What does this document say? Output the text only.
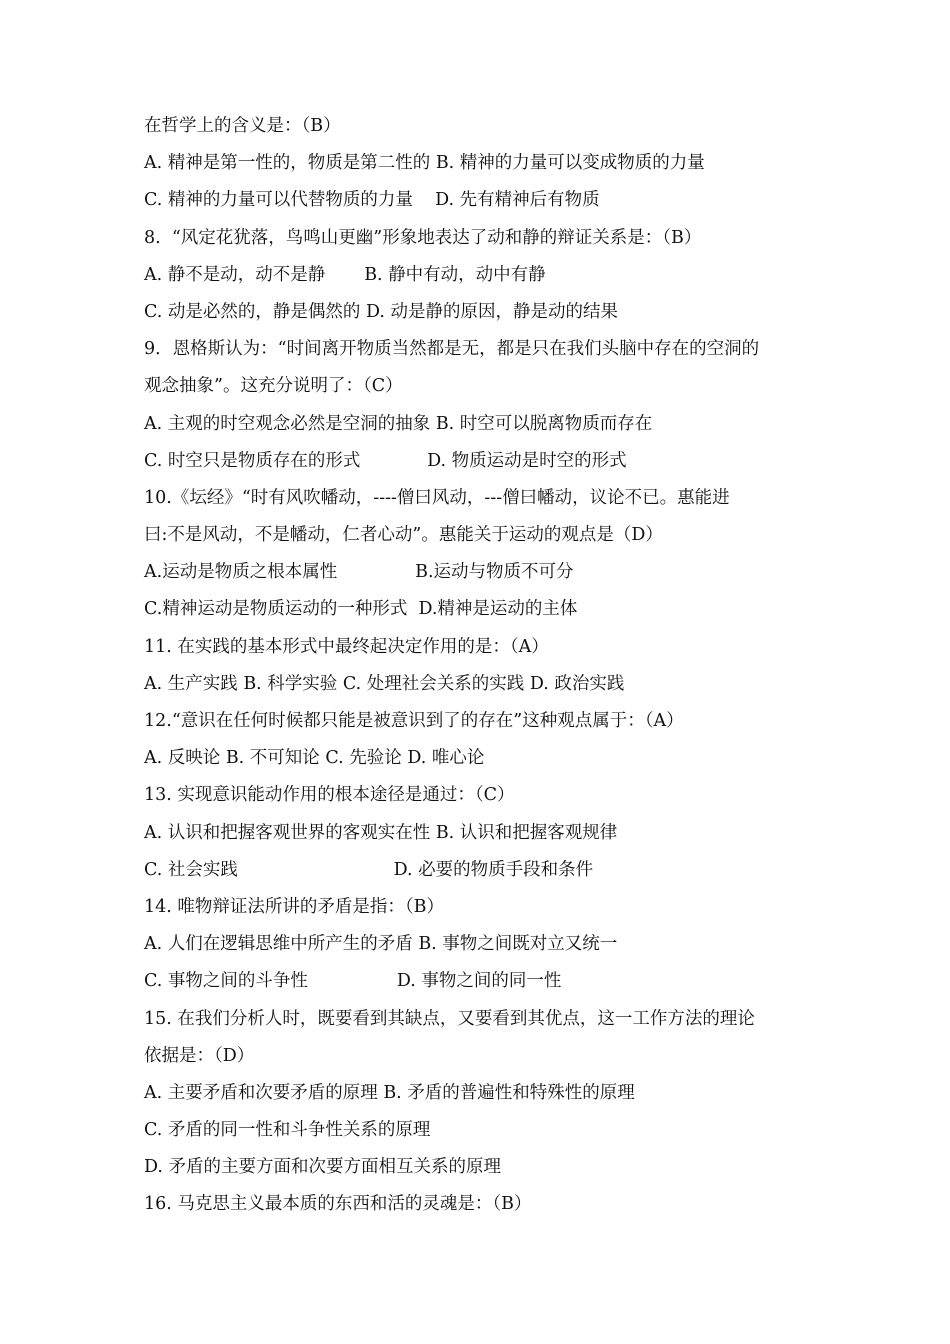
在哲学上的含义是：（B）
A. 精神是第一性的，物质是第二性的 B. 精神的力量可以变成物质的力量
C. 精神的力量可以代替物质的力量    D. 先有精神后有物质
8.  “风定花犹落，鸟鸣山更幽”形象地表达了动和静的辩证关系是：（B）
A. 静不是动，动不是静       B. 静中有动，动中有静
C. 动是必然的，静是偶然的 D. 动是静的原因，静是动的结果
9．恩格斯认为：“时间离开物质当然都是无，都是只在我们头脑中存在的空洞的
观念抽象”。这充分说明了：（C）
A. 主观的时空观念必然是空洞的抽象 B. 时空可以脱离物质而存在
C. 时空只是物质存在的形式            D. 物质运动是时空的形式
10.《坛经》“时有风吹幡动，----僧曰风动，---僧曰幡动，议论不已。惠能进
曰:不是风动，不是幡动，仁者心动”。惠能关于运动的观点是（D）
A.运动是物质之根本属性              B.运动与物质不可分
C.精神运动是物质运动的一种形式  D.精神是运动的主体
11. 在实践的基本形式中最终起决定作用的是：（A）
A. 生产实践 B. 科学实验 C. 处理社会关系的实践 D. 政治实践
12.“意识在任何时候都只能是被意识到了的存在”这种观点属于：（A）
A. 反映论 B. 不可知论 C. 先验论 D. 唯心论
13. 实现意识能动作用的根本途径是通过：（C）
A. 认识和把握客观世界的客观实在性 B. 认识和把握客观规律
C. 社会实践                            D. 必要的物质手段和条件
14. 唯物辩证法所讲的矛盾是指：（B）
A. 人们在逻辑思维中所产生的矛盾 B. 事物之间既对立又统一
C. 事物之间的斗争性                D. 事物之间的同一性
15. 在我们分析人时，既要看到其缺点，又要看到其优点，这一工作方法的理论
依据是：（D）
A. 主要矛盾和次要矛盾的原理 B. 矛盾的普遍性和特殊性的原理
C. 矛盾的同一性和斗争性关系的原理
D. 矛盾的主要方面和次要方面相互关系的原理
16. 马克思主义最本质的东西和活的灵魂是：（B）
